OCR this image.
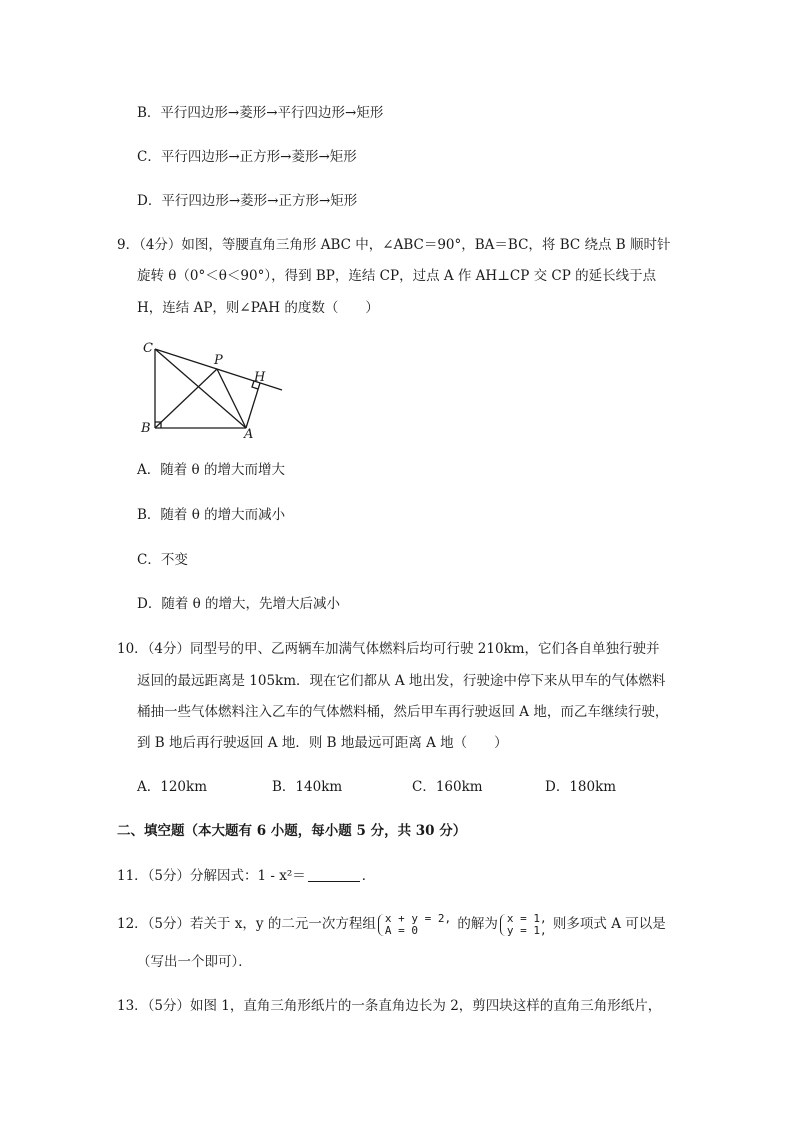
B．平行四边形→菱形→平行四边形→矩形
C．平行四边形→正方形→菱形→矩形
D．平行四边形→菱形→正方形→矩形
9．（4分）如图，等腰直角三角形 ABC 中，∠ABC＝90°，BA＝BC，将 BC 绕点 B 顺时针
旋转 θ（0°＜θ＜90°），得到 BP，连结 CP，过点 A 作 AH⊥CP 交 CP 的延长线于点
H，连结 AP，则∠PAH 的度数（　　）
C
P
H
B	A
A．随着 θ 的增大而增大
B．随着 θ 的增大而减小
C．不变
D．随着 θ 的增大，先增大后减小
10．（4分）同型号的甲、乙两辆车加满气体燃料后均可行驶 210km，它们各自单独行驶并
返回的最远距离是 105km．现在它们都从 A 地出发，行驶途中停下来从甲车的气体燃料
桶抽一些气体燃料注入乙车的气体燃料桶，然后甲车再行驶返回 A 地，而乙车继续行驶，
到 B 地后再行驶返回 A 地．则 B 地最远可距离 A 地（　　）
A．120km	B．140km	C．160km	D．180km
二、填空题（本大题有 6 小题，每小题 5 分，共 30 分）
11．（5分）分解因式：1 - x²＝	．
12．（5分）若关于 x，y 的二元一次方程组 x + y = 2,
A = 0	的解为 x = 1,
y = 1, 则多项式 A 可以是
（写出一个即可）．
13．（5分）如图 1，直角三角形纸片的一条直角边长为 2，剪四块这样的直角三角形纸片，
